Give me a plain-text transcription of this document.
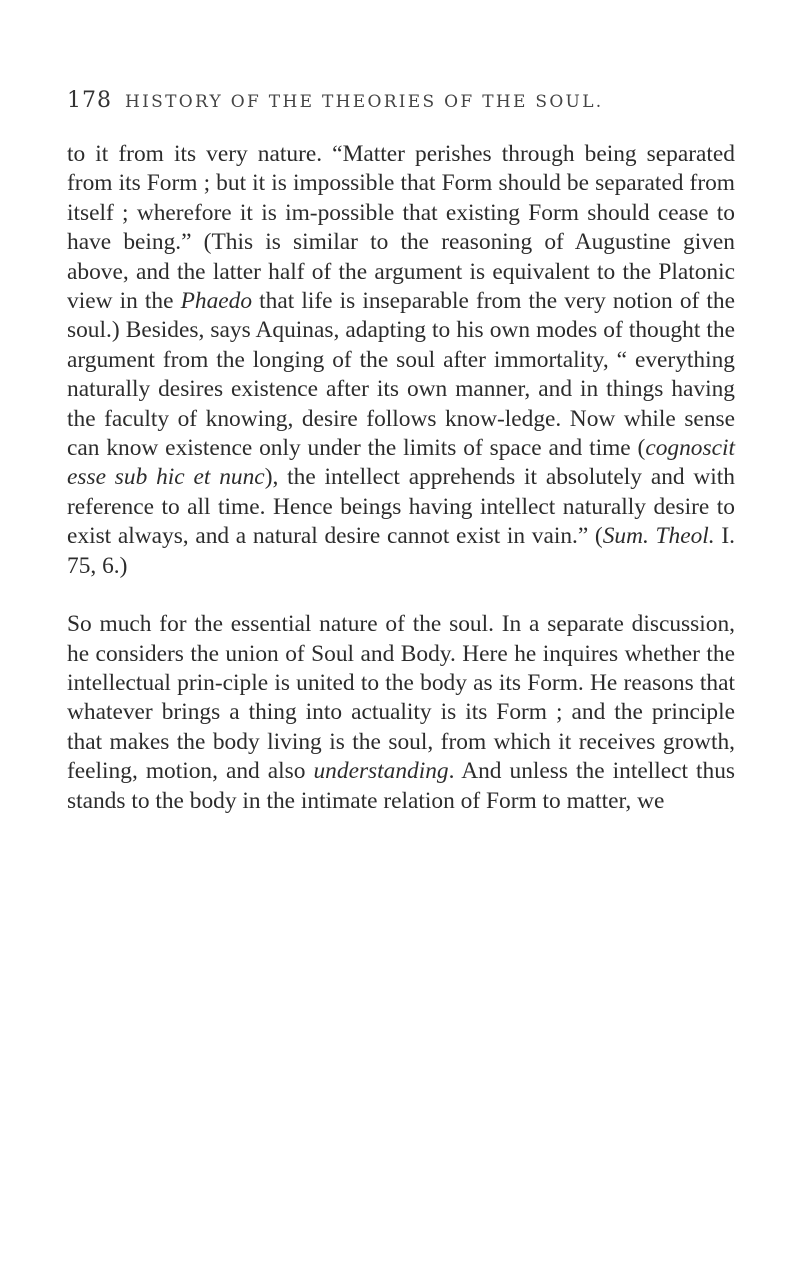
178 HISTORY OF THE THEORIES OF THE SOUL.

to it from its very nature. “Matter perishes through being separated from its Form ; but it is impossible that Form should be separated from itself ; wherefore it is im-possible that existing Form should cease to have being.” (This is similar to the reasoning of Augustine given above, and the latter half of the argument is equivalent to the Platonic view in the Phaedo that life is inseparable from the very notion of the soul.) Besides, says Aquinas, adapting to his own modes of thought the argument from the longing of the soul after immortality, “ everything naturally desires existence after its own manner, and in things having the faculty of knowing, desire follows know-ledge. Now while sense can know existence only under the limits of space and time (cognoscit esse sub hic et nunc), the intellect apprehends it absolutely and with reference to all time. Hence beings having intellect naturally desire to exist always, and a natural desire cannot exist in vain.” (Sum. Theol. I. 75, 6.)

So much for the essential nature of the soul. In a separate discussion, he considers the union of Soul and Body. Here he inquires whether the intellectual prin-ciple is united to the body as its Form. He reasons that whatever brings a thing into actuality is its Form ; and the principle that makes the body living is the soul, from which it receives growth, feeling, motion, and also understanding. And unless the intellect thus stands to the body in the intimate relation of Form to matter, we
